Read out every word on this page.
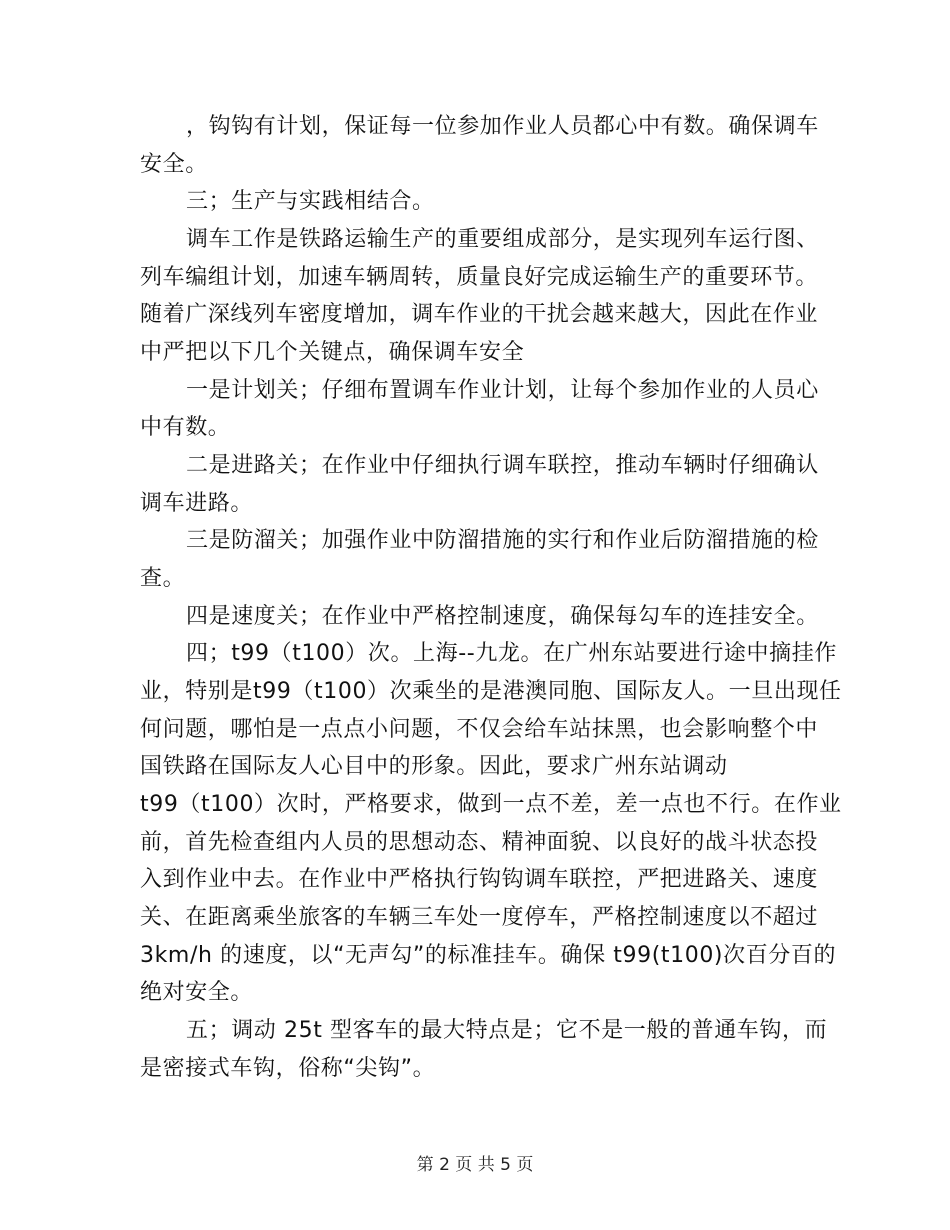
，钩钩有计划，保证每一位参加作业人员都心中有数。确保调车
安全。
三；生产与实践相结合。
调车工作是铁路运输生产的重要组成部分，是实现列车运行图、
列车编组计划，加速车辆周转，质量良好完成运输生产的重要环节。
随着广深线列车密度增加，调车作业的干扰会越来越大，因此在作业
中严把以下几个关键点，确保调车安全
一是计划关；仔细布置调车作业计划，让每个参加作业的人员心
中有数。
二是进路关；在作业中仔细执行调车联控，推动车辆时仔细确认
调车进路。
三是防溜关；加强作业中防溜措施的实行和作业后防溜措施的检
查。
四是速度关；在作业中严格控制速度，确保每勾车的连挂安全。
四；t99（t100）次。上海--九龙。在广州东站要进行途中摘挂作
业，特别是t99（t100）次乘坐的是港澳同胞、国际友人。一旦出现任
何问题，哪怕是一点点小问题，不仅会给车站抹黑，也会影响整个中
国铁路在国际友人心目中的形象。因此，要求广州东站调动
t99（t100）次时，严格要求，做到一点不差，差一点也不行。在作业
前，首先检查组内人员的思想动态、精神面貌、以良好的战斗状态投
入到作业中去。在作业中严格执行钩钩调车联控，严把进路关、速度
关、在距离乘坐旅客的车辆三车处一度停车，严格控制速度以不超过
3km/h 的速度，以“无声勾”的标准挂车。确保 t99(t100)次百分百的
绝对安全。
五；调动 25t 型客车的最大特点是；它不是一般的普通车钩，而
是密接式车钩，俗称“尖钩”。
第 2 页 共 5 页
